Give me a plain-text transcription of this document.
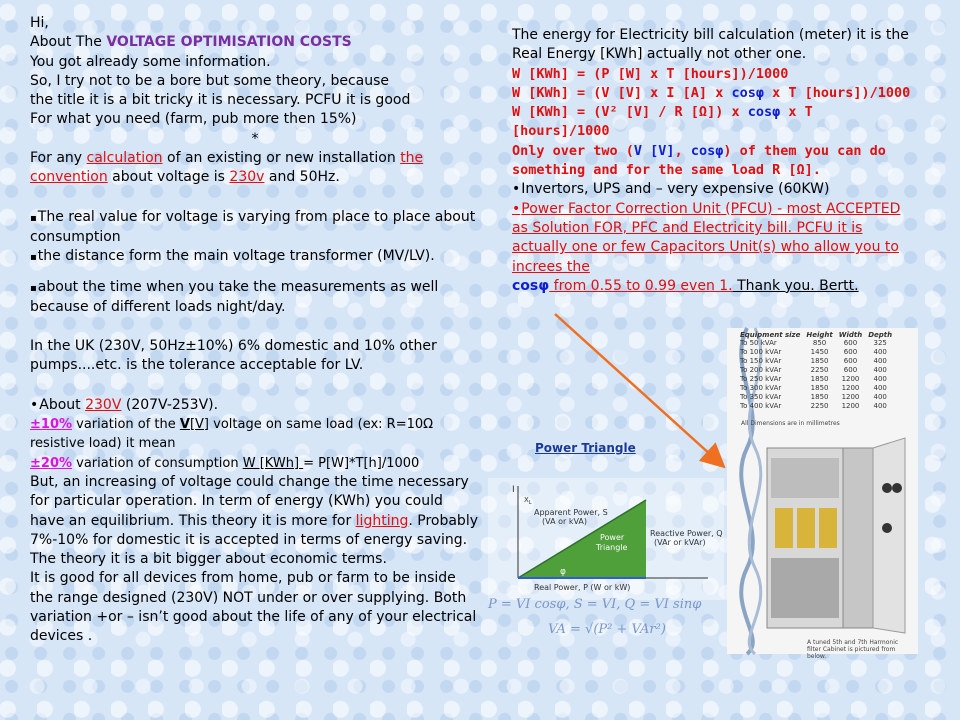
Hi,

About The VOLTAGE OPTIMISATION COSTS

You got already some information.

So, I try not to be a bore but some theory, because

the title it is a bit tricky it is necessary. PCFU it is good

For what you need (farm, pub more then 15%)

*

For any calculation of an existing or new installation the convention about voltage is 230v and 50Hz.

▪ The real value for voltage is varying from place to place about consumption

▪ the distance form the main voltage transformer (MV/LV).

▪ about the time when you take the measurements as well because of different loads night/day.

In the UK (230V, 50Hz±10%) 6% domestic and 10% other pumps....etc. is the tolerance acceptable for LV.

• About 230V (207V-253V).

±10% variation of the V[V] voltage on same load (ex: R=10Ω resistive load) it mean

±20% variation of consumption W [KWh] = P[W]*T[h]/1000

But, an increasing of voltage could change the time necessary for particular operation. In term of energy (KWh) you could have an equilibrium. This theory it is more for lighting. Probably 7%-10% for domestic it is accepted in terms of energy saving.

The theory it is a bit bigger about economic terms.

It is good for all devices from home, pub or farm to be inside the range designed (230V) NOT under or over supplying. Both variation +or – isn’t good about the life of any of your electrical devices .

The energy for Electricity bill calculation (meter) it is the Real Energy [KWh] actually not other one.

W [KWh] = (P [W] x T [hours])/1000

W [KWh] = (V [V] x I [A] x cosφ x T [hours])/1000

W [KWh] = (V² [V] / R [Ω]) x cosφ x T [hours]/1000

Only over two (V [V], cosφ) of them you can do something and for the same load R [Ω].

• Invertors, UPS and – very expensive (60KW)

• Power Factor Correction Unit (PFCU) - most ACCEPTED as Solution FOR, PFC and Electricity bill. PCFU it is actually one or few Capacitors Unit(s) who allow you to increes the

cosφ from 0.55 to 0.99 even 1. Thank you. Bertt.

Power Triangle
I
$X_L$
Apparent Power, S
(VA or kVA)
Power
Triangle
Reactive Power, Q
(VAr or kVAr)
φ
Real Power, P (W or kW)
P = VI cosφ, S = VI, Q = VI sinφ
VA = √(P² + VAr²)
Equipment size	Height	Width	Depth
To 50 kVAr	850	600	325
To 100 kVAr	1450	600	400
To 150 kVAr	1850	600	400
To 200 kVAr	2250	600	400
To 250 kVAr	1850	1200	400
To 300 kVAr	1850	1200	400
To 350 kVAr	1850	1200	400
To 400 kVAr	2250	1200	400
All Dimensions are in millimetres
A tuned 5th and 7th Harmonic filter Cabinet is pictured from below.
